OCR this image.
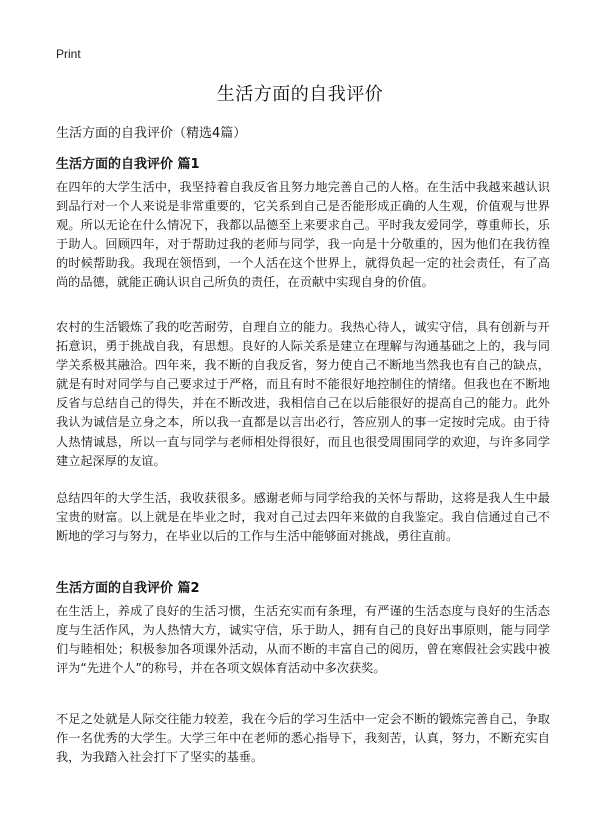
Print
生活方面的自我评价

生活方面的自我评价（精选4篇）

生活方面的自我评价 篇1

在四年的大学生活中，我坚持着自我反省且努力地完善自己的人格。在生活中我越来越认识到品行对一个人来说是非常重要的，它关系到自己是否能形成正确的人生观，价值观与世界观。所以无论在什么情况下，我都以品德至上来要求自己。平时我友爱同学，尊重师长，乐于助人。回顾四年，对于帮助过我的老师与同学，我一向是十分敬重的，因为他们在我彷徨的时候帮助我。我现在领悟到，一个人活在这个世界上，就得负起一定的社会责任，有了高尚的品德，就能正确认识自己所负的责任，在贡献中实现自身的价值。

农村的生活锻炼了我的吃苦耐劳，自理自立的能力。我热心待人，诚实守信，具有创新与开拓意识，勇于挑战自我，有思想。良好的人际关系是建立在理解与沟通基础之上的，我与同学关系极其融洽。四年来，我不断的自我反省，努力使自己不断地当然我也有自己的缺点，就是有时对同学与自己要求过于严格，而且有时不能很好地控制住的情绪。但我也在不断地反省与总结自己的得失，并在不断改进，我相信自己在以后能很好的提高自己的能力。此外我认为诚信是立身之本，所以我一直都是以言出必行，答应别人的事一定按时完成。由于待人热情诚恳，所以一直与同学与老师相处得很好，而且也很受周围同学的欢迎，与许多同学建立起深厚的友谊。

总结四年的大学生活，我收获很多。感谢老师与同学给我的关怀与帮助，这将是我人生中最宝贵的财富。以上就是在毕业之时，我对自己过去四年来做的自我鉴定。我自信通过自己不断地的学习与努力，在毕业以后的工作与生活中能够面对挑战，勇往直前。

生活方面的自我评价 篇2

在生活上，养成了良好的生活习惯，生活充实而有条理，有严谨的生活态度与良好的生活态度与生活作风，为人热情大方，诚实守信，乐于助人，拥有自己的良好出事原则，能与同学们与睦相处；积极参加各项课外活动，从而不断的丰富自己的阅历，曾在寒假社会实践中被评为“先进个人”的称号，并在各项文娱体育活动中多次获奖。

不足之处就是人际交往能力较差，我在今后的学习生活中一定会不断的锻炼完善自己，争取作一名优秀的大学生。大学三年中在老师的悉心指导下，我刻苦，认真，努力，不断充实自我，为我踏入社会打下了坚实的基垂。
